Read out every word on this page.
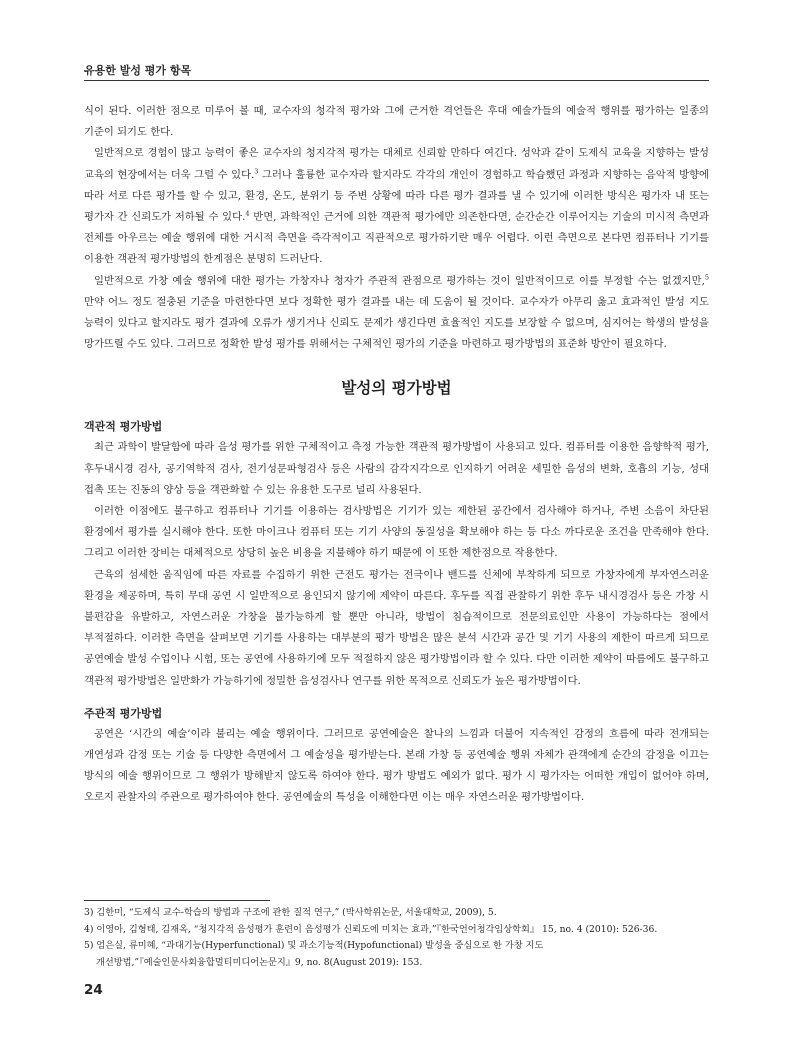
유용한 발성 평가 항목

식이 된다. 이러한 점으로 미루어 볼 때, 교수자의 청각적 평가와 그에 근거한 격언들은 후대 예술가들의 예술적 행위를 평가하는 일종의 기준이 되기도 한다.

일반적으로 경험이 많고 능력이 좋은 교수자의 청지각적 평가는 대체로 신뢰할 만하다 여긴다. 성악과 같이 도제식 교육을 지향하는 발성 교육의 현장에서는 더욱 그럴 수 있다.$^3$ 그러나 훌륭한 교수자라 할지라도 각각의 개인이 경험하고 학습했던 과정과 지향하는 음악적 방향에 따라 서로 다른 평가를 할 수 있고, 환경, 온도, 분위기 등 주변 상황에 따라 다른 평가 결과를 낼 수 있기에 이러한 방식은 평가자 내 또는 평가자 간 신뢰도가 저하될 수 있다.$^4$ 반면, 과학적인 근거에 의한 객관적 평가에만 의존한다면, 순간순간 이루어지는 기술의 미시적 측면과 전체를 아우르는 예술 행위에 대한 거시적 측면을 즉각적이고 직관적으로 평가하기란 매우 어렵다. 이런 측면으로 본다면 컴퓨터나 기기를 이용한 객관적 평가방법의 한계점은 분명히 드러난다.

일반적으로 가창 예술 행위에 대한 평가는 가창자나 청자가 주관적 관점으로 평가하는 것이 일반적이므로 이를 부정할 수는 없겠지만,$^5$ 만약 어느 정도 절충된 기준을 마련한다면 보다 정확한 평가 결과를 내는 데 도움이 될 것이다. 교수자가 아무리 옳고 효과적인 발성 지도 능력이 있다고 할지라도 평가 결과에 오류가 생기거나 신뢰도 문제가 생긴다면 효율적인 지도를 보장할 수 없으며, 심지어는 학생의 발성을 망가뜨릴 수도 있다. 그러므로 정확한 발성 평가를 위해서는 구체적인 평가의 기준을 마련하고 평가방법의 표준화 방안이 필요하다.

발성의 평가방법
객관적 평가방법

최근 과학이 발달함에 따라 음성 평가를 위한 구체적이고 측정 가능한 객관적 평가방법이 사용되고 있다. 컴퓨터를 이용한 음향학적 평가, 후두내시경 검사, 공기역학적 검사, 전기성문파형검사 등은 사람의 감각지각으로 인지하기 어려운 세밀한 음성의 변화, 호흡의 기능, 성대 접촉 또는 진동의 양상 등을 객관화할 수 있는 유용한 도구로 널리 사용된다.

이러한 이점에도 불구하고 컴퓨터나 기기를 이용하는 검사방법은 기기가 있는 제한된 공간에서 검사해야 하거나, 주변 소음이 차단된 환경에서 평가를 실시해야 한다. 또한 마이크나 컴퓨터 또는 기기 사양의 동질성을 확보해야 하는 등 다소 까다로운 조건을 만족해야 한다. 그리고 이러한 장비는 대체적으로 상당히 높은 비용을 지불해야 하기 때문에 이 또한 제한점으로 작용한다.

근육의 섬세한 움직임에 따른 자료를 수집하기 위한 근전도 평가는 전극이나 밴드를 신체에 부착하게 되므로 가창자에게 부자연스러운 환경을 제공하며, 특히 무대 공연 시 일반적으로 용인되지 않기에 제약이 따른다. 후두를 직접 관찰하기 위한 후두 내시경검사 등은 가창 시 불편감을 유발하고, 자연스러운 가창을 불가능하게 할 뿐만 아니라, 방법이 침습적이므로 전문의료인만 사용이 가능하다는 점에서 부적절하다. 이러한 측면을 살펴보면 기기를 사용하는 대부분의 평가 방법은 많은 분석 시간과 공간 및 기기 사용의 제한이 따르게 되므로 공연예술 발성 수업이나 시험, 또는 공연에 사용하기에 모두 적절하지 않은 평가방법이라 할 수 있다. 다만 이러한 제약이 따름에도 불구하고 객관적 평가방법은 일반화가 가능하기에 정밀한 음성검사나 연구를 위한 목적으로 신뢰도가 높은 평가방법이다.

주관적 평가방법

공연은 ‘시간의 예술’이라 불리는 예술 행위이다. 그러므로 공연예술은 찰나의 느낌과 더불어 지속적인 감정의 흐름에 따라 전개되는 개연성과 감정 또는 기술 등 다양한 측면에서 그 예술성을 평가받는다. 본래 가창 등 공연예술 행위 자체가 관객에게 순간의 감정을 이끄는 방식의 예술 행위이므로 그 행위가 방해받지 않도록 하여야 한다. 평가 방법도 예외가 없다. 평가 시 평가자는 어떠한 개입이 없어야 하며, 오로지 관찰자의 주관으로 평가하여야 한다. 공연예술의 특성을 이해한다면 이는 매우 자연스러운 평가방법이다.

3) 김한미, “도제식 교수-학습의 방법과 구조에 관한 질적 연구,” (박사학위논문, 서울대학교, 2009), 5.

4) 이영아, 김형태, 김재옥, “청지각적 음성평가 훈련이 음성평가 신뢰도에 미치는 효과,”『한국언어청각임상학회』 15, no. 4 (2010): 526-36.

5) 엄은실, 류미혜, “과대기능(Hyperfunctional) 및 과소기능적(Hypofunctional) 발성을 중심으로 한 가창 지도 개선방법,”『예술인문사회융합멀티미디어논문지』9, no. 8(August 2019): 153.

24
